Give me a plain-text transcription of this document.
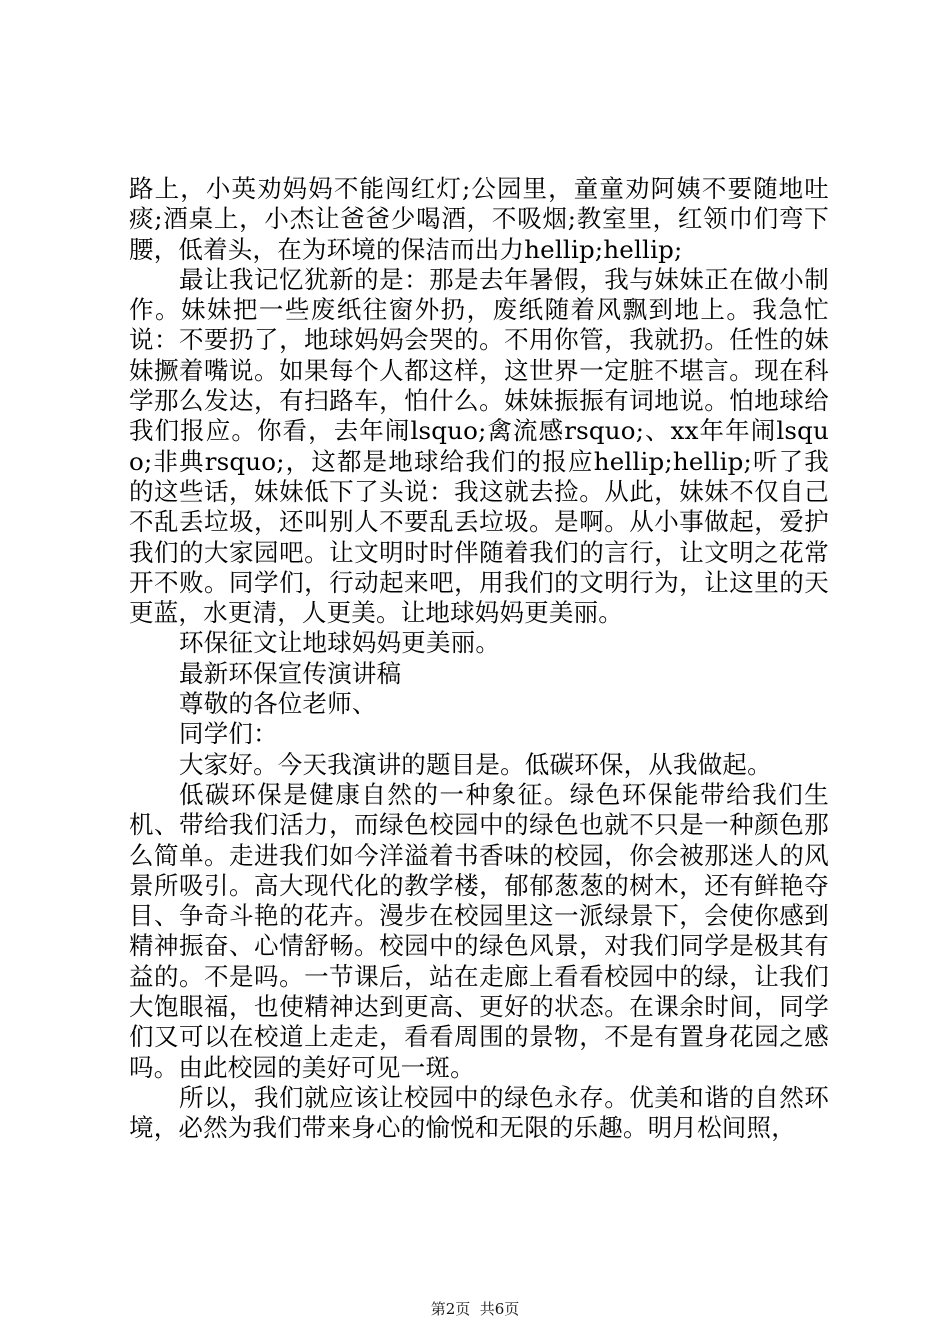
路上，小英劝妈妈不能闯红灯;公园里，童童劝阿姨不要随地吐痰;酒桌上，小杰让爸爸少喝酒，不吸烟;教室里，红领巾们弯下腰，低着头，在为环境的保洁而出力hellip;hellip;

最让我记忆犹新的是：那是去年暑假，我与妹妹正在做小制作。妹妹把一些废纸往窗外扔，废纸随着风飘到地上。我急忙说：不要扔了，地球妈妈会哭的。不用你管，我就扔。任性的妹妹撅着嘴说。如果每个人都这样，这世界一定脏不堪言。现在科学那么发达，有扫路车，怕什么。妹妹振振有词地说。怕地球给我们报应。你看，去年闹lsquo;禽流感rsquo;、xx年年闹lsquo;非典rsquo;，这都是地球给我们的报应hellip;hellip;听了我的这些话，妹妹低下了头说：我这就去捡。从此，妹妹不仅自己不乱丢垃圾，还叫别人不要乱丢垃圾。是啊。从小事做起，爱护我们的大家园吧。让文明时时伴随着我们的言行，让文明之花常开不败。同学们，行动起来吧，用我们的文明行为，让这里的天更蓝，水更清，人更美。让地球妈妈更美丽。

环保征文让地球妈妈更美丽。

最新环保宣传演讲稿

尊敬的各位老师、

同学们：

大家好。今天我演讲的题目是。低碳环保，从我做起。

低碳环保是健康自然的一种象征。绿色环保能带给我们生机、带给我们活力，而绿色校园中的绿色也就不只是一种颜色那么简单。走进我们如今洋溢着书香味的校园，你会被那迷人的风景所吸引。高大现代化的教学楼，郁郁葱葱的树木，还有鲜艳夺目、争奇斗艳的花卉。漫步在校园里这一派绿景下，会使你感到精神振奋、心情舒畅。校园中的绿色风景，对我们同学是极其有益的。不是吗。一节课后，站在走廊上看看校园中的绿，让我们大饱眼福，也使精神达到更高、更好的状态。在课余时间，同学们又可以在校道上走走，看看周围的景物，不是有置身花园之感吗。由此校园的美好可见一斑。

所以，我们就应该让校园中的绿色永存。优美和谐的自然环境，必然为我们带来身心的愉悦和无限的乐趣。明月松间照，

第2页  共6页
